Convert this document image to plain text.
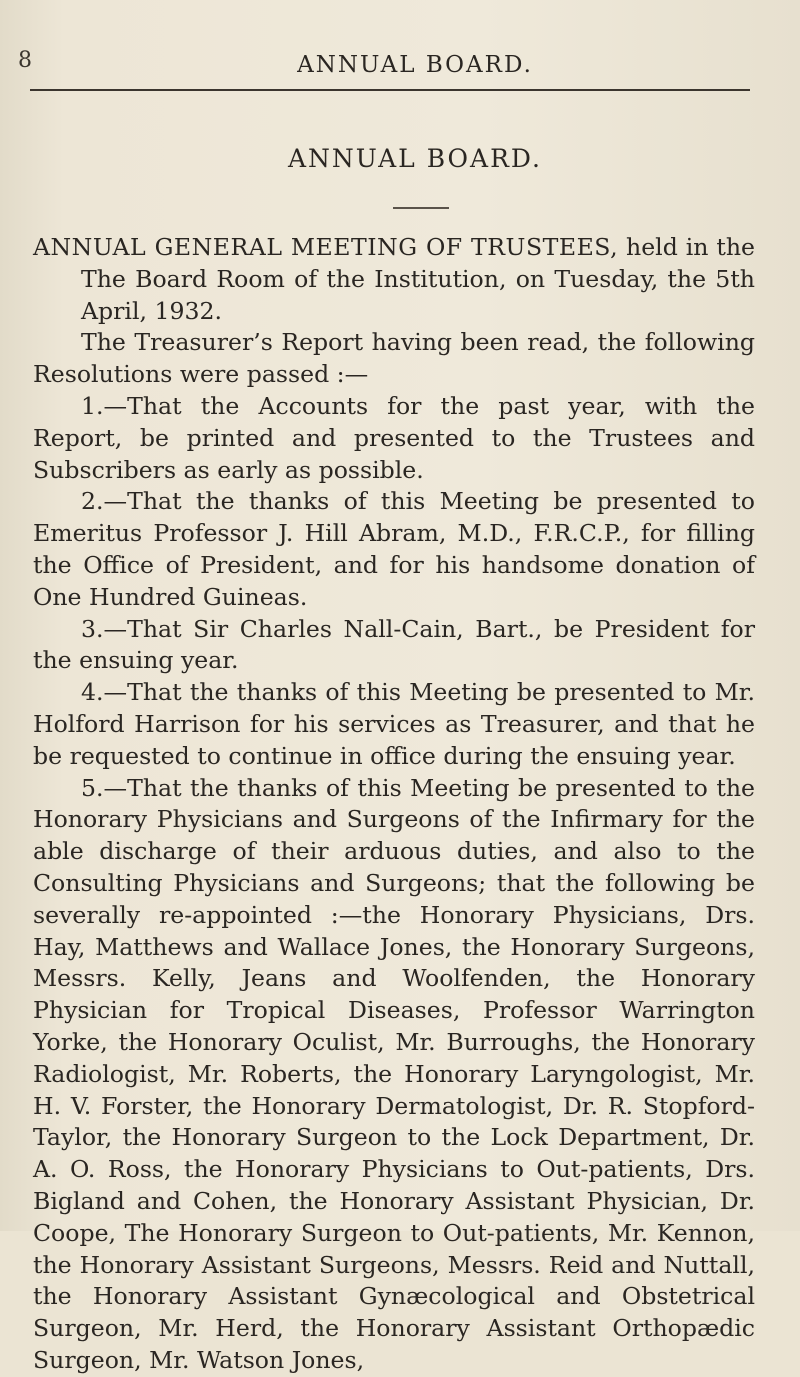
8	ANNUAL BOARD.
ANNUAL BOARD.

ANNUAL GENERAL MEETING OF TRUSTEES, held in the The Board Room of the Institution, on Tuesday, the 5th April, 1932.

The Treasurer’s Report having been read, the following Resolutions were passed :—

1.—That the Accounts for the past year, with the Report, be printed and presented to the Trustees and Subscribers as early as possible.

2.—That the thanks of this Meeting be presented to Emeritus Professor J. Hill Abram, M.D., F.R.C.P., for filling the Office of President, and for his handsome donation of One Hundred Guineas.

3.—That Sir Charles Nall-Cain, Bart., be President for the ensuing year.

4.—That the thanks of this Meeting be presented to Mr. Holford Harrison for his services as Treasurer, and that he be requested to continue in office during the ensuing year.

5.—That the thanks of this Meeting be presented to the Honorary Physicians and Surgeons of the Infirmary for the able discharge of their arduous duties, and also to the Consulting Physicians and Surgeons; that the following be severally re-appointed :—the Honorary Physicians, Drs. Hay, Matthews and Wallace Jones, the Honorary Surgeons, Messrs. Kelly, Jeans and Woolfenden, the Honorary Physician for Tropical Diseases, Professor Warrington Yorke, the Honorary Oculist, Mr. Burroughs, the Honorary Radiologist, Mr. Roberts, the Honorary Laryngologist, Mr. H. V. Forster, the Honorary Dermatologist, Dr. R. Stopford-Taylor, the Honorary Surgeon to the Lock Department, Dr. A. O. Ross, the Honorary Physicians to Out-patients, Drs. Bigland and Cohen, the Honorary Assistant Physician, Dr. Coope, The Honorary Surgeon to Out-patients, Mr. Kennon, the Honorary Assistant Surgeons, Messrs. Reid and Nuttall, the Honorary Assistant Gynæcological and Obstetrical Surgeon, Mr. Herd, the Honorary Assistant Orthopædic Surgeon, Mr. Watson Jones,
